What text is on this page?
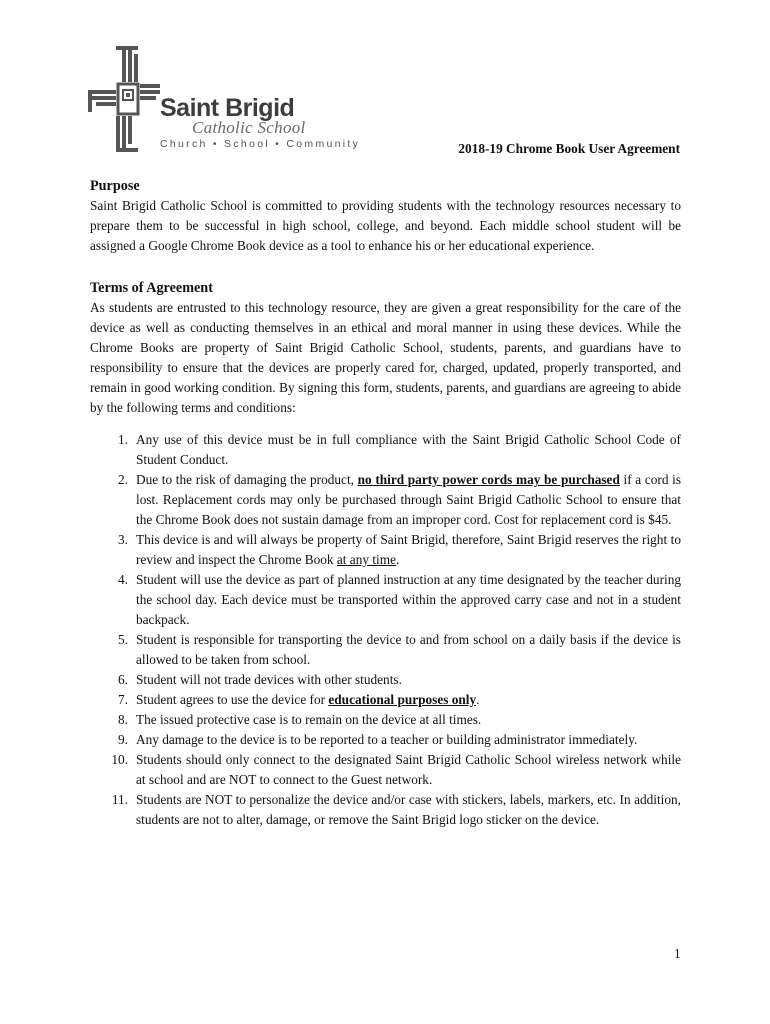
Saint Brigid
Catholic School
Church • School • Community	2018-19 Chrome Book User Agreement
Purpose

Saint Brigid Catholic School is committed to providing students with the technology resources necessary to prepare them to be successful in high school, college, and beyond. Each middle school student will be assigned a Google Chrome Book device as a tool to enhance his or her educational experience.

Terms of Agreement

As students are entrusted to this technology resource, they are given a great responsibility for the care of the device as well as conducting themselves in an ethical and moral manner in using these devices. While the Chrome Books are property of Saint Brigid Catholic School, students, parents, and guardians have to responsibility to ensure that the devices are properly cared for, charged, updated, properly transported, and remain in good working condition. By signing this form, students, parents, and guardians are agreeing to abide by the following terms and conditions:

1. Any use of this device must be in full compliance with the Saint Brigid Catholic School Code of Student Conduct.
2. Due to the risk of damaging the product, no third party power cords may be purchased if a cord is lost. Replacement cords may only be purchased through Saint Brigid Catholic School to ensure that the Chrome Book does not sustain damage from an improper cord. Cost for replacement cord is $45.
3. This device is and will always be property of Saint Brigid, therefore, Saint Brigid reserves the right to review and inspect the Chrome Book at any time.
4. Student will use the device as part of planned instruction at any time designated by the teacher during the school day. Each device must be transported within the approved carry case and not in a student backpack.
5. Student is responsible for transporting the device to and from school on a daily basis if the device is allowed to be taken from school.
6. Student will not trade devices with other students.
7. Student agrees to use the device for educational purposes only.
8. The issued protective case is to remain on the device at all times.
9. Any damage to the device is to be reported to a teacher or building administrator immediately.
10. Students should only connect to the designated Saint Brigid Catholic School wireless network while at school and are NOT to connect to the Guest network.
11. Students are NOT to personalize the device and/or case with stickers, labels, markers, etc. In addition, students are not to alter, damage, or remove the Saint Brigid logo sticker on the device.
1
